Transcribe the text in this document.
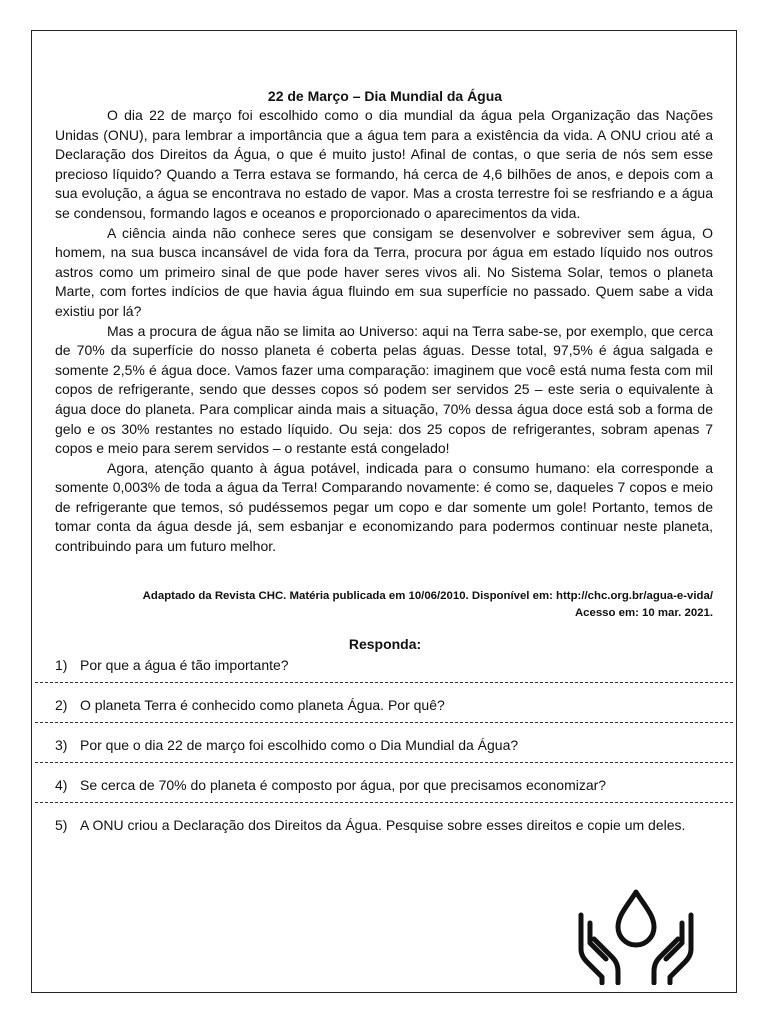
22 de Março – Dia Mundial da Água

O dia 22 de março foi escolhido como o dia mundial da água pela Organização das Nações Unidas (ONU), para lembrar a importância que a água tem para a existência da vida. A ONU criou até a Declaração dos Direitos da Água, o que é muito justo! Afinal de contas, o que seria de nós sem esse precioso líquido? Quando a Terra estava se formando, há cerca de 4,6 bilhões de anos, e depois com a sua evolução, a água se encontrava no estado de vapor. Mas a crosta terrestre foi se resfriando e a água se condensou, formando lagos e oceanos e proporcionado o aparecimentos da vida.

A ciência ainda não conhece seres que consigam se desenvolver e sobreviver sem água, O homem, na sua busca incansável de vida fora da Terra, procura por água em estado líquido nos outros astros como um primeiro sinal de que pode haver seres vivos ali. No Sistema Solar, temos o planeta Marte, com fortes indícios de que havia água fluindo em sua superfície no passado. Quem sabe a vida existiu por lá?

Mas a procura de água não se limita ao Universo: aqui na Terra sabe-se, por exemplo, que cerca de 70% da superfície do nosso planeta é coberta pelas águas. Desse total, 97,5% é água salgada e somente 2,5% é água doce. Vamos fazer uma comparação: imaginem que você está numa festa com mil copos de refrigerante, sendo que desses copos só podem ser servidos 25 – este seria o equivalente à água doce do planeta. Para complicar ainda mais a situação, 70% dessa água doce está sob a forma de gelo e os 30% restantes no estado líquido. Ou seja: dos 25 copos de refrigerantes, sobram apenas 7 copos e meio para serem servidos – o restante está congelado!

Agora, atenção quanto à água potável, indicada para o consumo humano: ela corresponde a somente 0,003% de toda a água da Terra! Comparando novamente: é como se, daqueles 7 copos e meio de refrigerante que temos, só pudéssemos pegar um copo e dar somente um gole! Portanto, temos de tomar conta da água desde já, sem esbanjar e economizando para podermos continuar neste planeta, contribuindo para um futuro melhor.

Adaptado da Revista CHC. Matéria publicada em 10/06/2010. Disponível em: http://chc.org.br/agua-e-vida/
Acesso em: 10 mar. 2021.
Responda:
1) Por que a água é tão importante?
2) O planeta Terra é conhecido como planeta Água. Por quê?
3) Por que o dia 22 de março foi escolhido como o Dia Mundial da Água?
4) Se cerca de 70% do planeta é composto por água, por que precisamos economizar?
5) A ONU criou a Declaração dos Direitos da Água. Pesquise sobre esses direitos e copie um deles.
